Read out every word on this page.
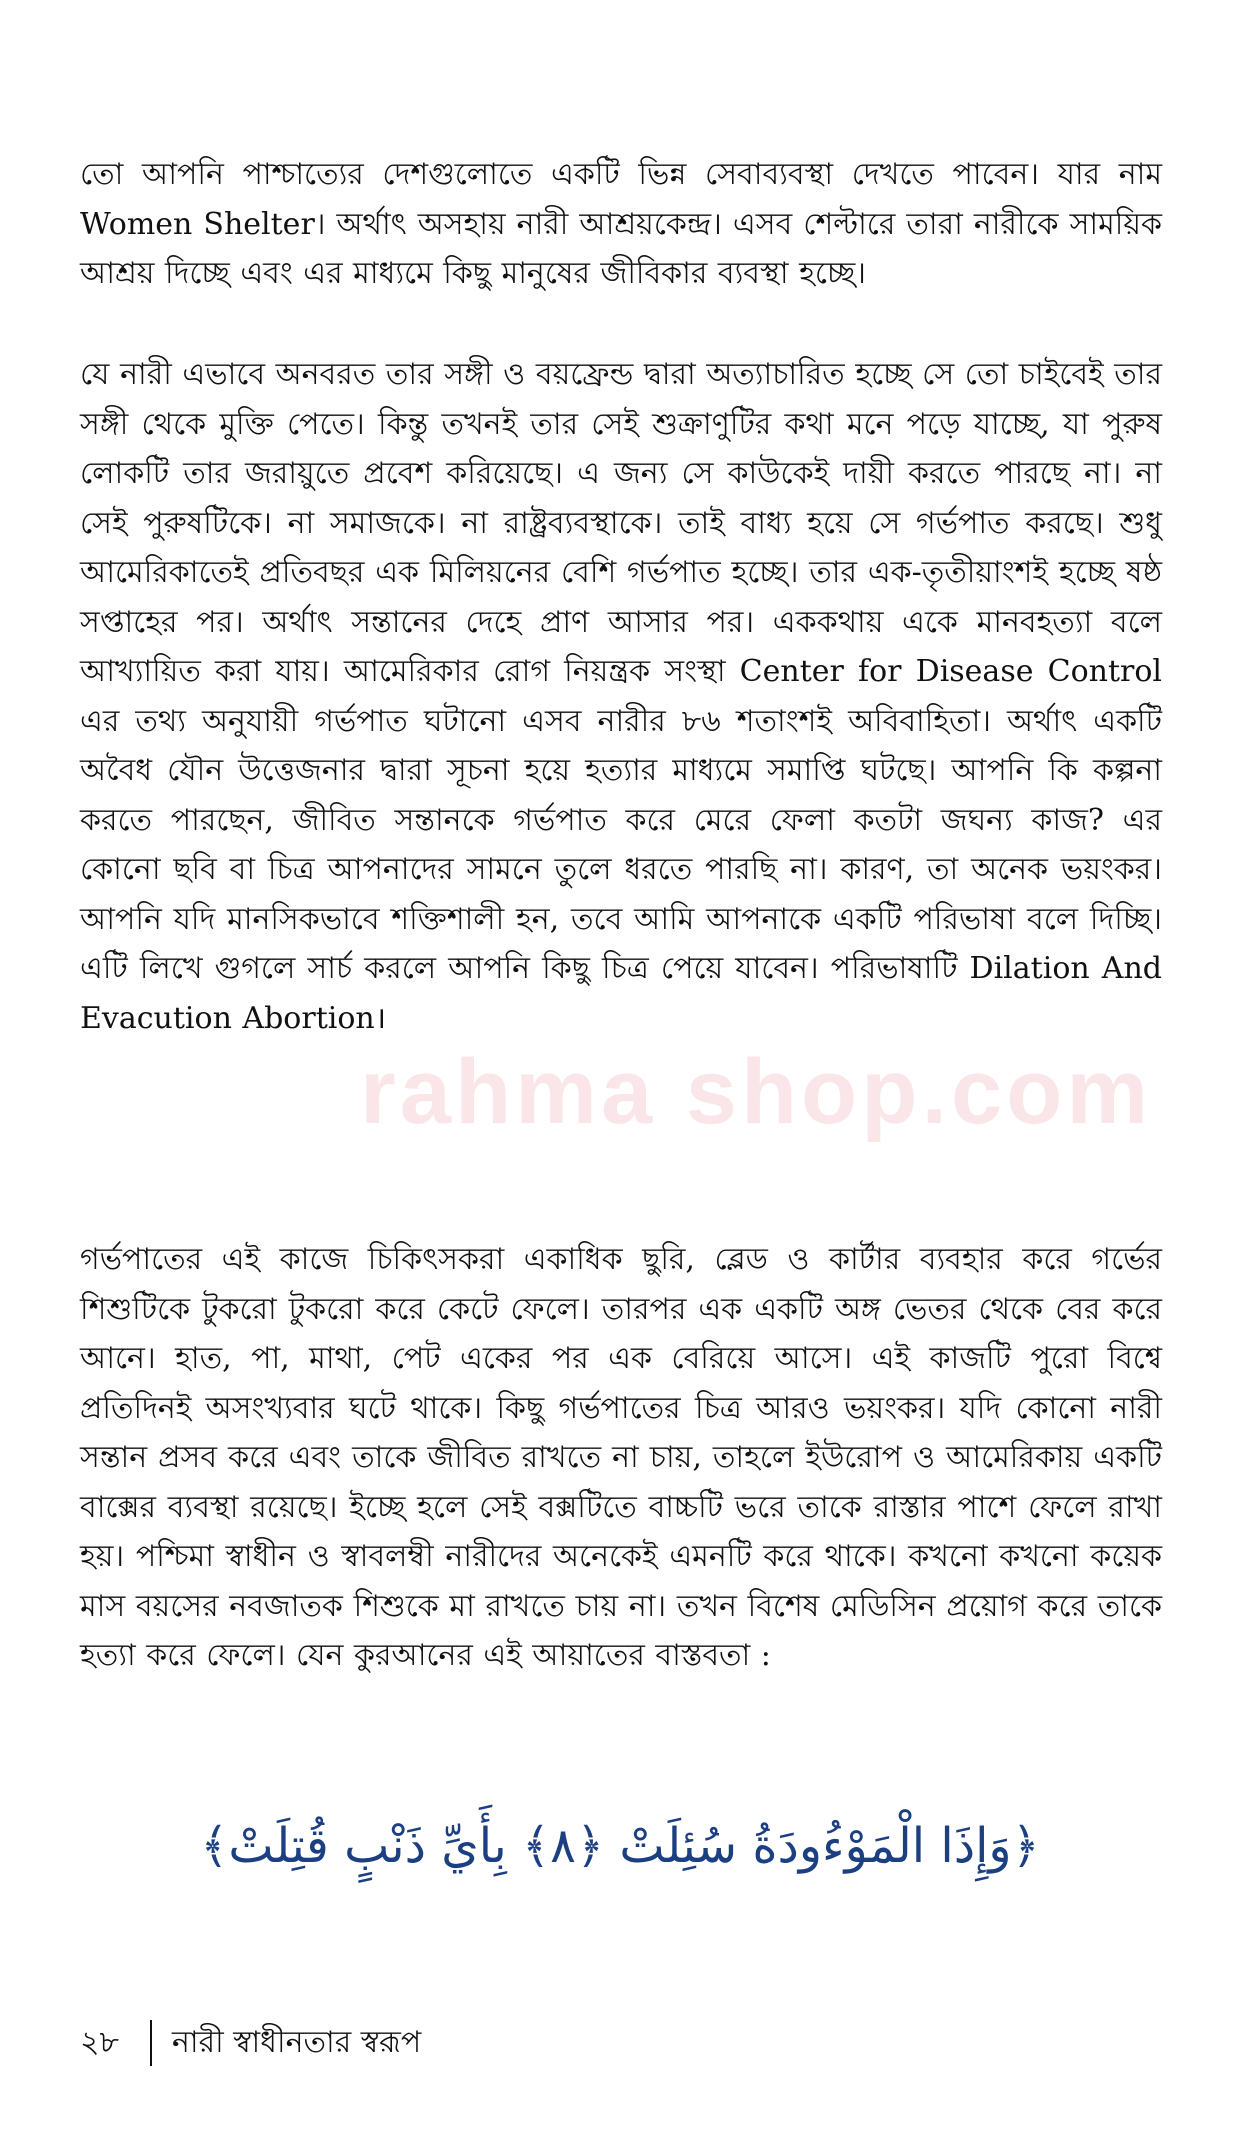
তো আপনি পাশ্চাত্যের দেশগুলোতে একটি ভিন্ন সেবাব্যবস্থা দেখতে পাবেন। যার নাম Women Shelter। অর্থাৎ অসহায় নারী আশ্রয়কেন্দ্র। এসব শেল্টারে তারা নারীকে সাময়িক আশ্রয় দিচ্ছে এবং এর মাধ্যমে কিছু মানুষের জীবিকার ব্যবস্থা হচ্ছে।

যে নারী এভাবে অনবরত তার সঙ্গী ও বয়ফ্রেন্ড দ্বারা অত্যাচারিত হচ্ছে সে তো চাইবেই তার সঙ্গী থেকে মুক্তি পেতে। কিন্তু তখনই তার সেই শুক্রাণুটির কথা মনে পড়ে যাচ্ছে, যা পুরুষ লোকটি তার জরায়ুতে প্রবেশ করিয়েছে। এ জন্য সে কাউকেই দায়ী করতে পারছে না। না সেই পুরুষটিকে। না সমাজকে। না রাষ্ট্রব্যবস্থাকে। তাই বাধ্য হয়ে সে গর্ভপাত করছে। শুধু আমেরিকাতেই প্রতিবছর এক মিলিয়নের বেশি গর্ভপাত হচ্ছে। তার এক-তৃতীয়াংশই হচ্ছে ষষ্ঠ সপ্তাহের পর। অর্থাৎ সন্তানের দেহে প্রাণ আসার পর। এককথায় একে মানবহত্যা বলে আখ্যায়িত করা যায়। আমেরিকার রোগ নিয়ন্ত্রক সংস্থা Center for Disease Control এর তথ্য অনুযায়ী গর্ভপাত ঘটানো এসব নারীর ৮৬ শতাংশই অবিবাহিতা। অর্থাৎ একটি অবৈধ যৌন উত্তেজনার দ্বারা সূচনা হয়ে হত্যার মাধ্যমে সমাপ্তি ঘটছে। আপনি কি কল্পনা করতে পারছেন, জীবিত সন্তানকে গর্ভপাত করে মেরে ফেলা কতটা জঘন্য কাজ? এর কোনো ছবি বা চিত্র আপনাদের সামনে তুলে ধরতে পারছি না। কারণ, তা অনেক ভয়ংকর। আপনি যদি মানসিকভাবে শক্তিশালী হন, তবে আমি আপনাকে একটি পরিভাষা বলে দিচ্ছি। এটি লিখে গুগলে সার্চ করলে আপনি কিছু চিত্র পেয়ে যাবেন। পরিভাষাটি Dilation And Evacution Abortion।

rahma shop.com

গর্ভপাতের এই কাজে চিকিৎসকরা একাধিক ছুরি, ব্লেড ও কার্টার ব্যবহার করে গর্ভের শিশুটিকে টুকরো টুকরো করে কেটে ফেলে। তারপর এক একটি অঙ্গ ভেতর থেকে বের করে আনে। হাত, পা, মাথা, পেট একের পর এক বেরিয়ে আসে। এই কাজটি পুরো বিশ্বে প্রতিদিনই অসংখ্যবার ঘটে থাকে। কিছু গর্ভপাতের চিত্র আরও ভয়ংকর। যদি কোনো নারী সন্তান প্রসব করে এবং তাকে জীবিত রাখতে না চায়, তাহলে ইউরোপ ও আমেরিকায় একটি বাক্সের ব্যবস্থা রয়েছে। ইচ্ছে হলে সেই বক্সটিতে বাচ্চটি ভরে তাকে রাস্তার পাশে ফেলে রাখা হয়। পশ্চিমা স্বাধীন ও স্বাবলম্বী নারীদের অনেকেই এমনটি করে থাকে। কখনো কখনো কয়েক মাস বয়সের নবজাতক শিশুকে মা রাখতে চায় না। তখন বিশেষ মেডিসিন প্রয়োগ করে তাকে হত্যা করে ফেলে। যেন কুরআনের এই আয়াতের বাস্তবতা :

﴿وَإِذَا الْمَوْءُودَةُ سُئِلَتْ ﴿٨﴾ بِأَيِّ ذَنْبٍ قُتِلَتْ﴾
২৮	নারী স্বাধীনতার স্বরূপ
